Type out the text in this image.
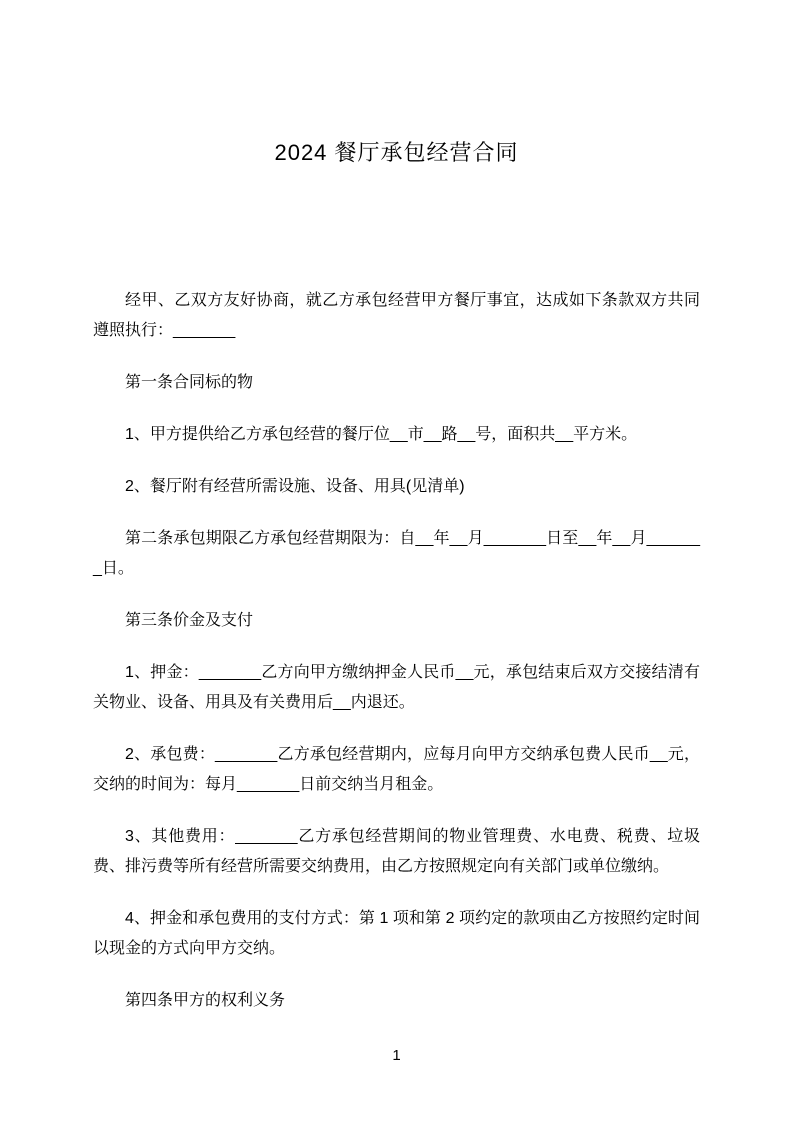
2024 餐厅承包经营合同

经甲、乙双方友好协商，就乙方承包经营甲方餐厅事宜，达成如下条款双方共同遵照执行：_______

第一条合同标的物

1、甲方提供给乙方承包经营的餐厅位__市__路__号，面积共__平方米。

2、餐厅附有经营所需设施、设备、用具(见清单)

第二条承包期限乙方承包经营期限为：自__年__月_______日至__年__月_______日。

第三条价金及支付

1、押金：_______乙方向甲方缴纳押金人民币__元，承包结束后双方交接结清有关物业、设备、用具及有关费用后__内退还。

2、承包费：_______乙方承包经营期内，应每月向甲方交纳承包费人民币__元，交纳的时间为：每月_______日前交纳当月租金。

3、其他费用：_______乙方承包经营期间的物业管理费、水电费、税费、垃圾费、排污费等所有经营所需要交纳费用，由乙方按照规定向有关部门或单位缴纳。

4、押金和承包费用的支付方式：第 1 项和第 2 项约定的款项由乙方按照约定时间以现金的方式向甲方交纳。

第四条甲方的权利义务

1
